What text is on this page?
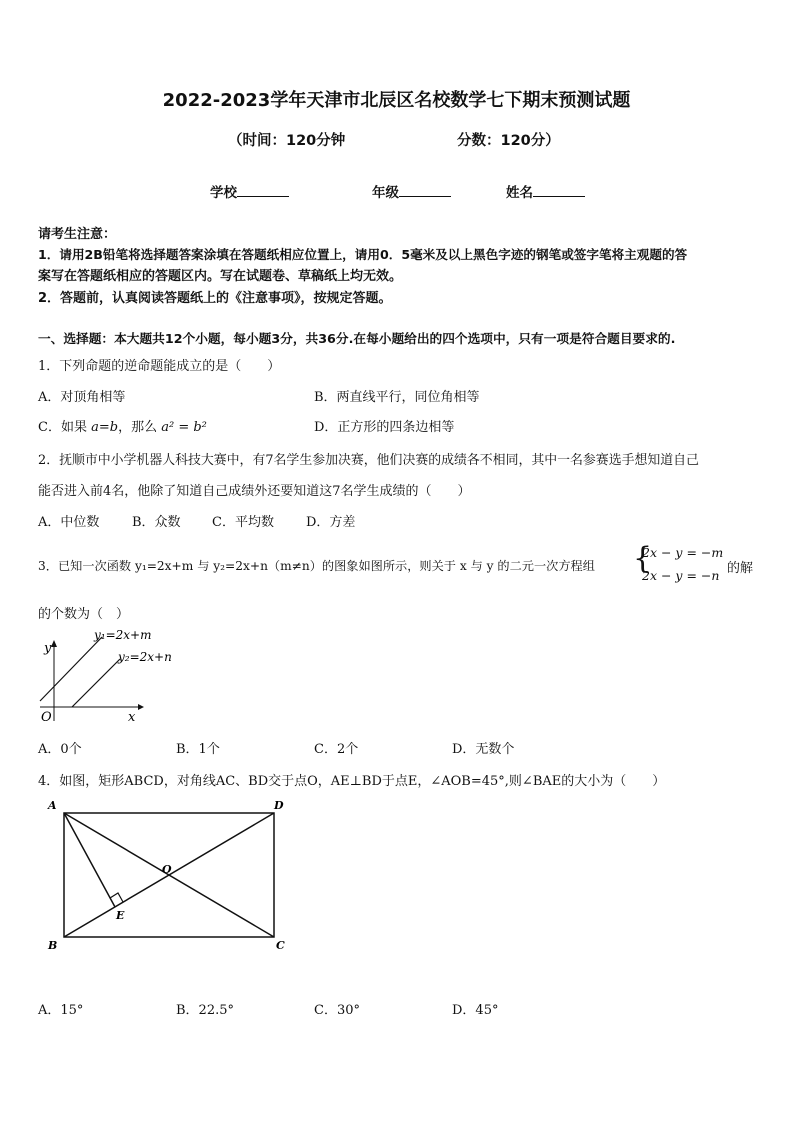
2022-2023学年天津市北辰区名校数学七下期末预测试题
（时间：120分钟	分数：120分）
学校	年级	姓名
请考生注意：
1．请用2B铅笔将选择题答案涂填在答题纸相应位置上，请用0．5毫米及以上黑色字迹的钢笔或签字笔将主观题的答
案写在答题纸相应的答题区内。写在试题卷、草稿纸上均无效。
2．答题前，认真阅读答题纸上的《注意事项》，按规定答题。
一、选择题：本大题共12个小题，每小题3分，共36分.在每小题给出的四个选项中，只有一项是符合题目要求的.
1．下列命题的逆命题能成立的是（　　）
A．对顶角相等	B．两直线平行，同位角相等
C．如果 a=b，那么 a² = b²	D．正方形的四条边相等
2．抚顺市中小学机器人科技大赛中，有7名学生参加决赛，他们决赛的成绩各不相同，其中一名参赛选手想知道自己
能否进入前4名，他除了知道自己成绩外还要知道这7名学生成绩的（　　）
A．中位数	B．众数 C．平均数 D．方差
3．已知一次函数 y₁=2x+m 与 y₂=2x+n（m≠n）的图象如图所示，则关于 x 与 y 的二元一次方程组 {
2x − y = −m
2x − y = −n 的解
的个数为（　）
y
x
O
y₁=2x+m
y₂=2x+n
A．0个	B．1个	C．2个	D．无数个
4．如图，矩形ABCD，对角线AC、BD交于点O，AE⊥BD于点E，∠AOB=45°,则∠BAE的大小为（　　）
A	D
B	C
O
E
A．15°	B．22.5°	C．30°	D．45°
